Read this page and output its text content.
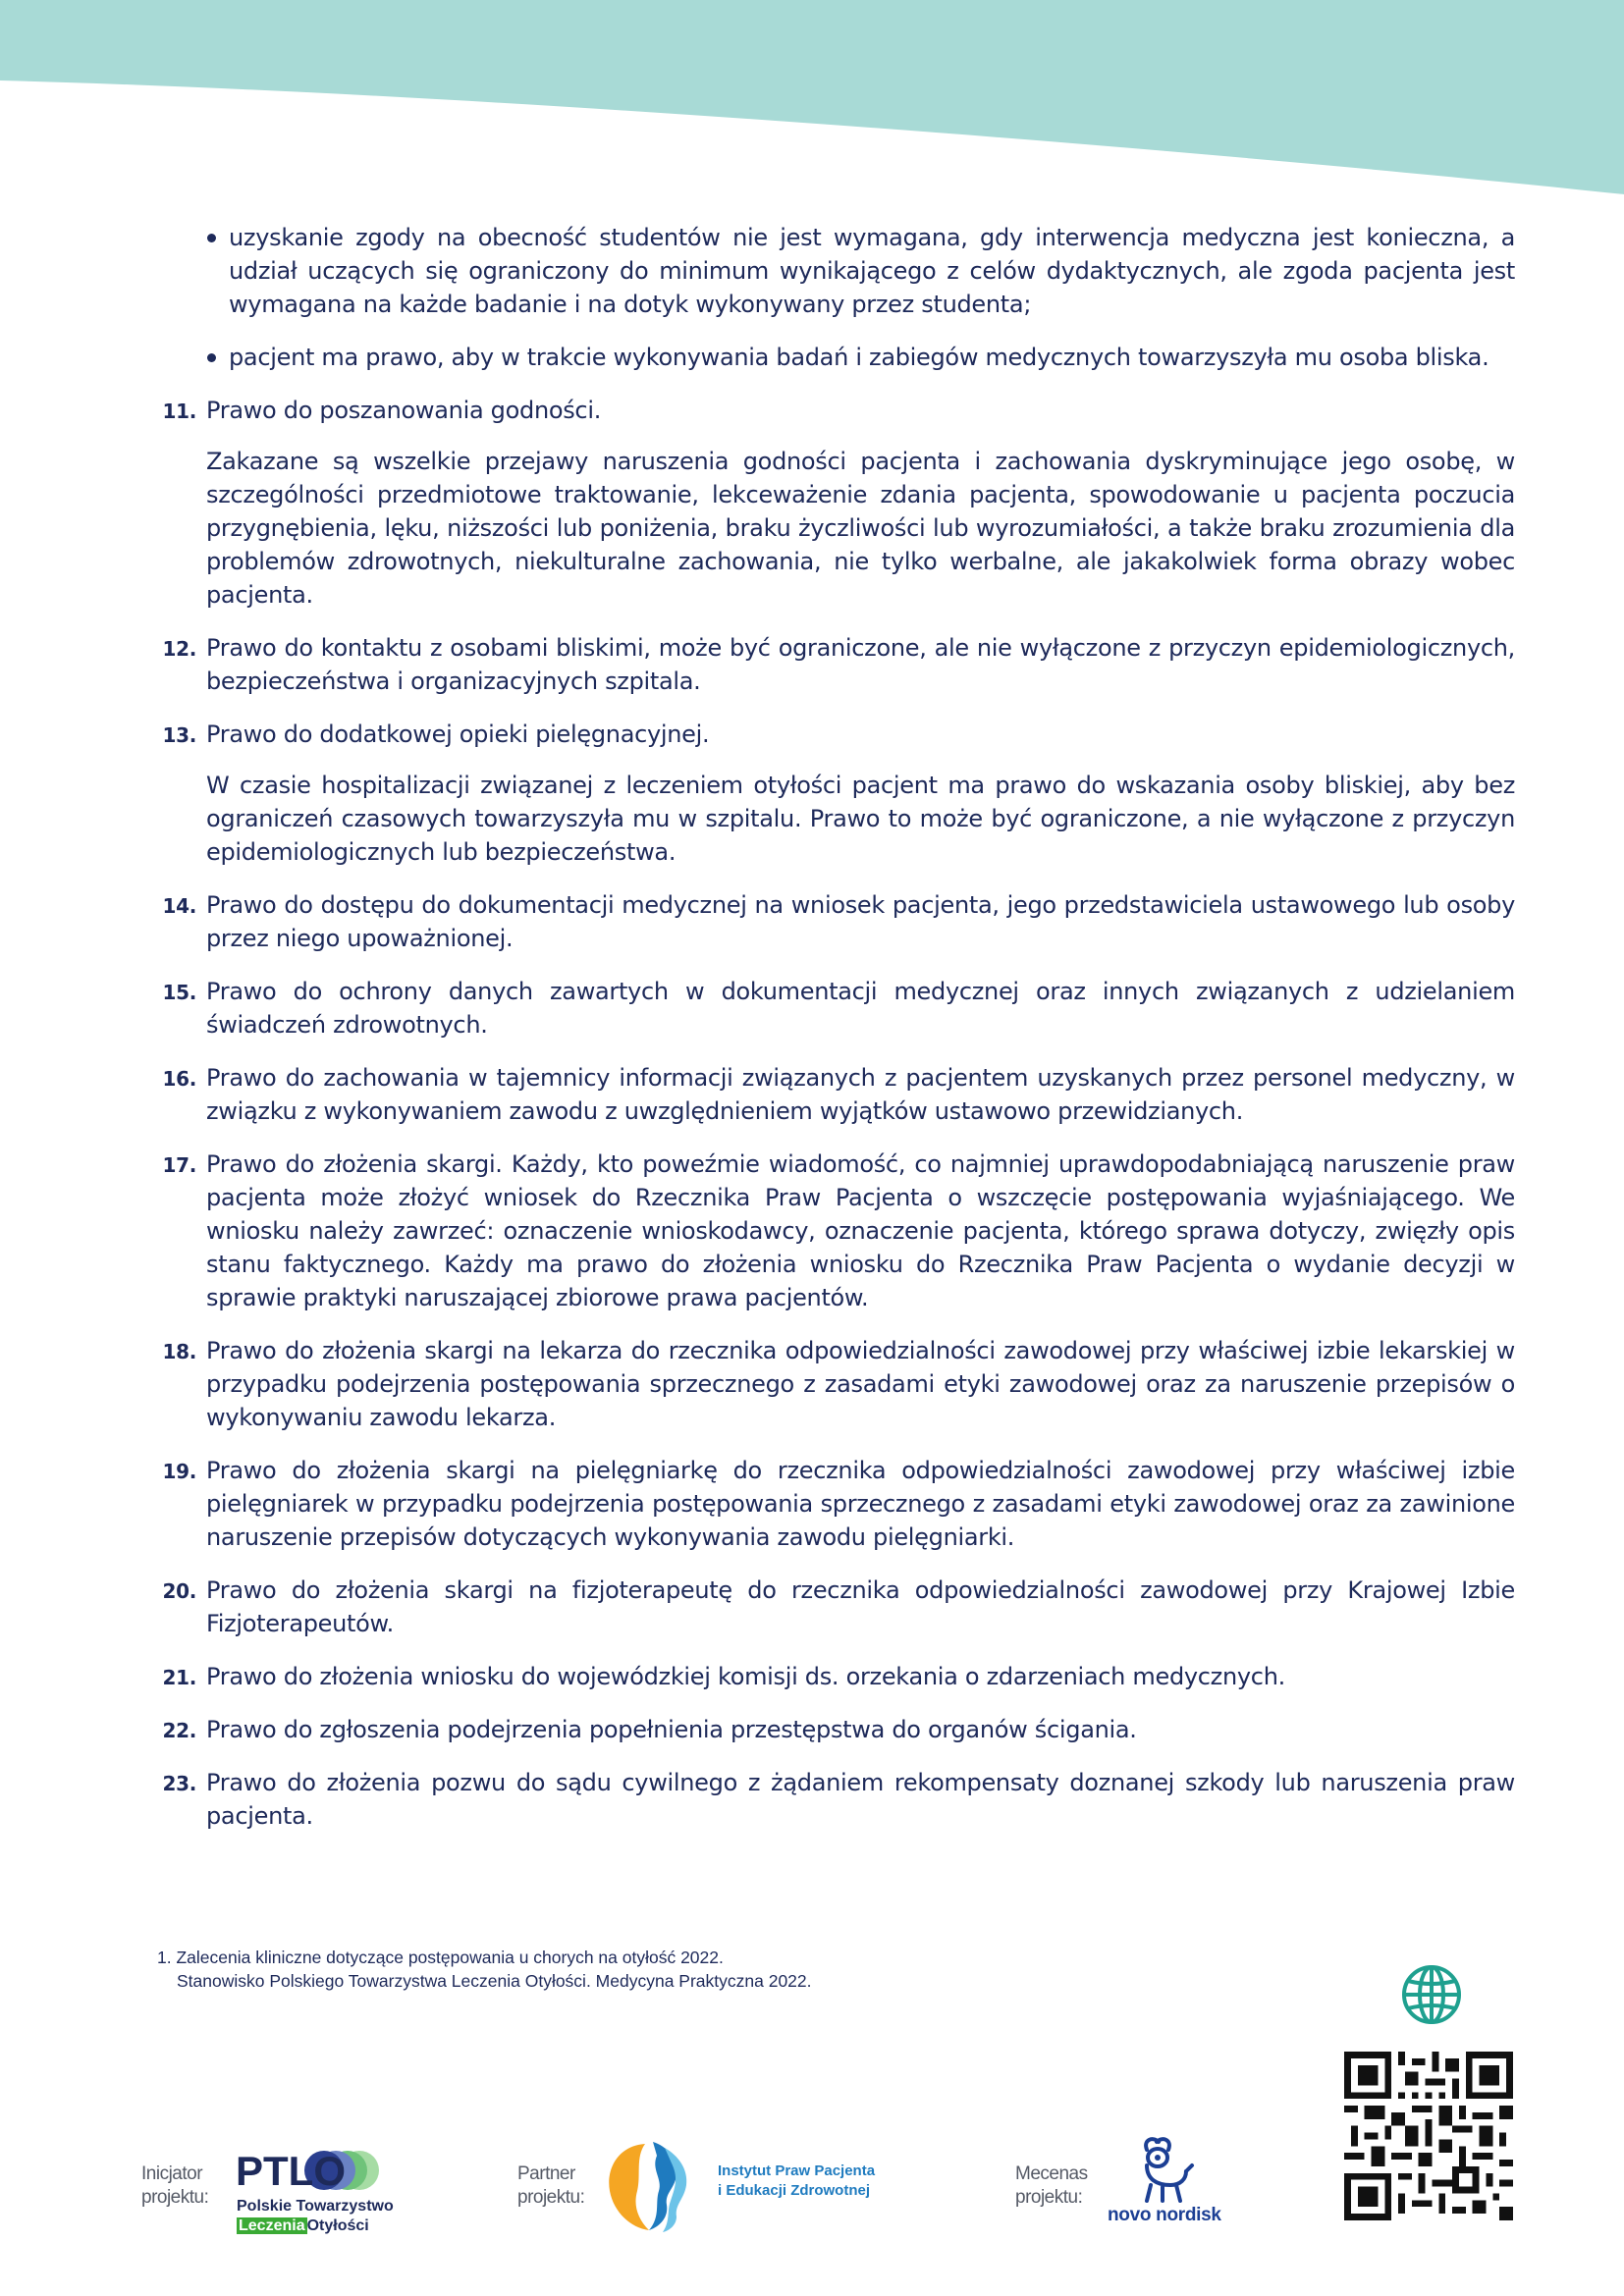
uzyskanie zgody na obecność studentów nie jest wymagana, gdy interwencja medyczna jest konieczna, a udział uczących się ograniczony do minimum wynikającego z celów dydaktycznych, ale zgoda pacjenta jest wymagana na każde badanie i na dotyk wykonywany przez studenta;
pacjent ma prawo, aby w trakcie wykonywania badań i zabiegów medycznych towarzyszyła mu osoba bliska.
11. Prawo do poszanowania godności.

Zakazane są wszelkie przejawy naruszenia godności pacjenta i zachowania dyskryminujące jego osobę, w szczególności przedmiotowe traktowanie, lekceważenie zdania pacjenta, spowodowanie u pacjenta poczucia przygnębienia, lęku, niższości lub poniżenia, braku życzliwości lub wyrozumiałości, a także braku zrozumienia dla problemów zdrowotnych, niekulturalne zachowania, nie tylko werbalne, ale jakakolwiek forma obrazy wobec pacjenta.

12. Prawo do kontaktu z osobami bliskimi, może być ograniczone, ale nie wyłączone z przyczyn epidemiologicznych, bezpieczeństwa i organizacyjnych szpitala.

13. Prawo do dodatkowej opieki pielęgnacyjnej.

W czasie hospitalizacji związanej z leczeniem otyłości pacjent ma prawo do wskazania osoby bliskiej, aby bez ograniczeń czasowych towarzyszyła mu w szpitalu. Prawo to może być ograniczone, a nie wyłączone z przyczyn epidemiologicznych lub bezpieczeństwa.

14. Prawo do dostępu do dokumentacji medycznej na wniosek pacjenta, jego przedstawiciela ustawowego lub osoby przez niego upoważnionej.

15. Prawo do ochrony danych zawartych w dokumentacji medycznej oraz innych związanych z udzielaniem świadczeń zdrowotnych.

16. Prawo do zachowania w tajemnicy informacji związanych z pacjentem uzyskanych przez personel medyczny, w związku z wykonywaniem zawodu z uwzględnieniem wyjątków ustawowo przewidzianych.

17. Prawo do złożenia skargi. Każdy, kto poweźmie wiadomość, co najmniej uprawdopodabniającą naruszenie praw pacjenta może złożyć wniosek do Rzecznika Praw Pacjenta o wszczęcie postępowania wyjaśniającego. We wniosku należy zawrzeć: oznaczenie wnioskodawcy, oznaczenie pacjenta, którego sprawa dotyczy, zwięzły opis stanu faktycznego. Każdy ma prawo do złożenia wniosku do Rzecznika Praw Pacjenta o wydanie decyzji w sprawie praktyki naruszającej zbiorowe prawa pacjentów.

18. Prawo do złożenia skargi na lekarza do rzecznika odpowiedzialności zawodowej przy właściwej izbie lekarskiej w przypadku podejrzenia postępowania sprzecznego z zasadami etyki zawodowej oraz za naruszenie przepisów o wykonywaniu zawodu lekarza.

19. Prawo do złożenia skargi na pielęgniarkę do rzecznika odpowiedzialności zawodowej przy właściwej izbie pielęgniarek w przypadku podejrzenia postępowania sprzecznego z zasadami etyki zawodowej oraz za zawinione naruszenie przepisów dotyczących wykonywania zawodu pielęgniarki.

20. Prawo do złożenia skargi na fizjoterapeutę do rzecznika odpowiedzialności zawodowej przy Krajowej Izbie Fizjoterapeutów.

21. Prawo do złożenia wniosku do wojewódzkiej komisji ds. orzekania o zdarzeniach medycznych.

22. Prawo do zgłoszenia podejrzenia popełnienia przestępstwa do organów ścigania.

23. Prawo do złożenia pozwu do sądu cywilnego z żądaniem rekompensaty doznanej szkody lub naruszenia praw pacjenta.

1. Zalecenia kliniczne dotyczące postępowania u chorych na otyłość 2022.
Stanowisko Polskiego Towarzystwa Leczenia Otyłości. Medycyna Praktyczna 2022.
Inicjator
projektu:
PTLO
Polskie Towarzystwo
Leczenia Otyłości
Partner
projektu:
Instytut Praw Pacjenta
i Edukacji Zdrowotnej
Mecenas
projektu:
novo nordisk
